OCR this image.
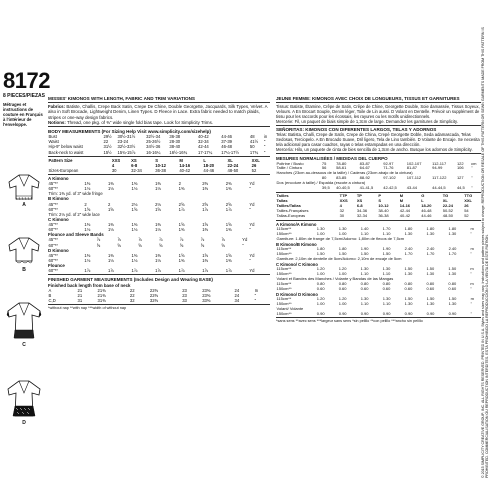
8172
8 PIECES/PIEZAS
Métrages et instructions de couture en Français à l'intérieur de l'enveloppe.
A
B
C
D
MISSES' KIMONOS WITH LENGTH, FABRIC AND TRIM VARIATIONS
Fabrics: Batiste, Challis, Crepe Back Satin, Crepe De Chine, Double Georgette, Jacquards, Silk Types, Velvet. A also in Soft Brocade, Lightweight Denim, Linen Types. D Fleece in Lace. Extra fabric needed to match plaids, stripes or one-way design fabrics.
Notions: Thread, one pkg. of ⅜" wide single fold bias tape. Look for Simplicity Trims.
BODY MEASUREMENTS (For Sizing Help Visit www.simplicity.com/sizehelp)
Bust	29½	30½-31½	32½-34	36-38	40-42	44-46	48	in
Waist	22	23-24	25-26½	28-30	32-34	37-39	41½	"
Hip-9" below waist	31½	32½-33½	34½-36	38-40	42-44	46-48	50	"
Back-neck to waist	15½	15¾-15⅞	16-16¼	16½-16¾	17-17¼	17¼-17½	17¾	"
Pattern Size	XXS	XS	S	M	L	XL	XXL
	4	6-8	10-12	14-16	18-20	22-24	26
Sizes-European	30	32-34	36-38	40-42	44-46	48-50	52
A Kimono
45"**	1⅜	1⅜	1⅜	1⅜	2	2⅜	2⅜	Yd
60"**	1⅛	1⅛	1⅛	1⅛	1⅜	1⅜	1⅜	"
Trim: 1⅜ yd. of 3" wide fringe								
B Kimono
45"**	2	2	2⅛	2⅛	2⅝	2⅝	2⅝	Yd
60"**	1⅝	1⅝	1⅝	1⅝	1⅞	1⅞	1⅞	"
Trim: 2⅛ yd. of 2" wide lace								
C Kimono
45"**	1⅜	1⅜	1⅜	1⅜	1⅝	1⅝	1⅝	Yd
60"**	1⅛	1⅛	1⅛	1⅛	1⅜	1⅜	1⅜	"
Flounce and Sleeve Bands
45"**	⅞	⅞	⅞	⅞	⅞	⅞	⅞	Yd
60"**	⅝	⅝	⅝	⅝	⅝	⅝	⅝	"
D Kimono
45"**	1⅜	1⅜	1⅜	1⅜	1⅝	1⅝	1⅝	Yd
60"**	1⅛	1⅛	1⅛	1⅛	1⅜	1⅜	1⅜	"
Flounce
60"**	1⅞	1⅞	1⅞	1⅞	1⅞	1⅞	1⅞	Yd
FINISHED GARMENT MEASUREMENTS (Includes Design and Wearing EASE)
Finished back length from base of neck
A	21	21⅜	22	22⅜	23	23⅜	24	In
B	21	21⅜	22	22⅜	23	23⅜	24	"
C,D	31	31⅜	32	32⅜	33	33⅜	34	"
*without nap **with nap ***width of without nap
JEUNE FEMME: KIMONOS AVEC CHOIX DE LONGUEURS, TISSUS ET GARNITURES
Tissus: Batiste, Étamine, Crêpe de Satin, Crêpe de Chine, Georgette Double, Soie damassée, Tissus Soyeux, Velours. A En Brocart Souple, Denim léger, Toile de Lin aussi. D Volant en Dentelle. Prévoir un supplément de tissu pour les raccords pour les écossais, les rayures ou les motifs unidirectionnels.
Mercerie: Fil, un paquet de biais simple de 1,3cm de large. Demandez les garnitures de Simplicity.
SEÑORITAS: KIMONOS CON DIFERENTES LARGOS, TELAS Y ADORNOS
Telas: Batista, Challi, Crepe de Satín, Crepe de China, Crepé Georgette Doble, Seda adamascada, Telas Sedosas, Terciopelo. A En Brocado Suave, Dril ligero, Tela de Lino también. D Volante de Encaje. Se necesita tela adicional para casar cuadros, rayas o telas estampadas en una dirección.
Mercería: Hilo, un paquete de cinta de bies sencilla de 1,3cm de ancho. Busque los adornos de Simplicity.
MESURES NORMALISÉES / MEDIDAS DEL CUERPO
Poitrine / Busto	75	78-80	83-87	92-97	102-107	112-117	122	cm
Taille / Cintura	56	58-61	64-67	71-76	81-87	94-99	106	"
Hanches (23cm au-dessous de la taille) / Caderas (23cm abajo de la cintura)								
	80	83-85	88-92	97-102	107-112	117-122	127	"
Dos (encolure à taille) / Espalda (escote a cintura)								
	39,5	40-40,5	41-41,5	42-42,5	43-44	44-44,5	44,5	"
Tailles	TTP	TP	P	M	G	TG	TTG
Tallas	XXS	XS	S	M	L	XL	XXL
Tailles/Tallas	4	6-8	10-12	14-16	18-20	22-24	26
Tailles-Françaises	32	34-36	38-40	42-44	46-48	50-52	54
Tallas-Europeas	30	32-34	36-38	40-42	44-46	48-50	52
A Kimono/A Kimono
115cm**	1.30	1.30	1.40	1.70	1.80	1.80	1.80	m
150cm**	1.00	1.00	1.10	1.10	1.30	1.30	1.30	"
Garniture: 1.80m de frange de 7,5cm/Adorno: 1,80m de flecos de 7,5cm								
B Kimono/B Kimono
115cm**	1.80	1.80	1.90	1.90	2.40	2.40	2.40	m
150cm**	1.50	1.50	1.50	1.50	1.70	1.70	1.70	"
Garniture: 2,10m de dentelle de 5cm/Adorno: 2,10m de encaje de 5cm								
C Kimono/ C Kimono
115cm**	1.20	1.20	1.30	1.30	1.50	1.50	1.50	m
150cm**	1.00	1.00	1.10	1.10	1.30	1.30	1.30	"
Volant et Bandes des Manches / Volante y Bandas de las Mangas								
115cm**	0.80	0.80	0.80	0.80	0.80	0.80	0.80	m
150cm**	0.60	0.60	0.60	0.60	0.60	0.60	0.60	"
D Kimono/ D Kimono
115cm**	1.20	1.20	1.30	1.30	1.50	1.50	1.50	m
150cm**	1.00	1.00	1.10	1.10	1.30	1.30	1.30	"
Volant/ Volante								
150cm**	0.90	0.90	0.90	0.90	0.90	0.90	0.90	"
*sans sens **avec sens ***largeur sans sens *sin pelillo **con pelillo ***ancho sin pelillo	© 2015 SIMPLICITY CREATIVE GROUP, INC. ALL RIGHTS RESERVED. PRINTED IN U.S.A. Styles and sizes may vary. Instructions and pattern pieces subject to change. REPRODUCTION OR RESALE OF THIS PATTERN OR SEWN GARMENTS MADE FROM THIS PATTERN IS PROHIBITED. COMMERCIALISATION OU REPRODUCTION INTERDITES. ESTÁ PROHIBIDO LA REPRODUCCIÓN O LA VENTA DE ESTE PATRÓN.
